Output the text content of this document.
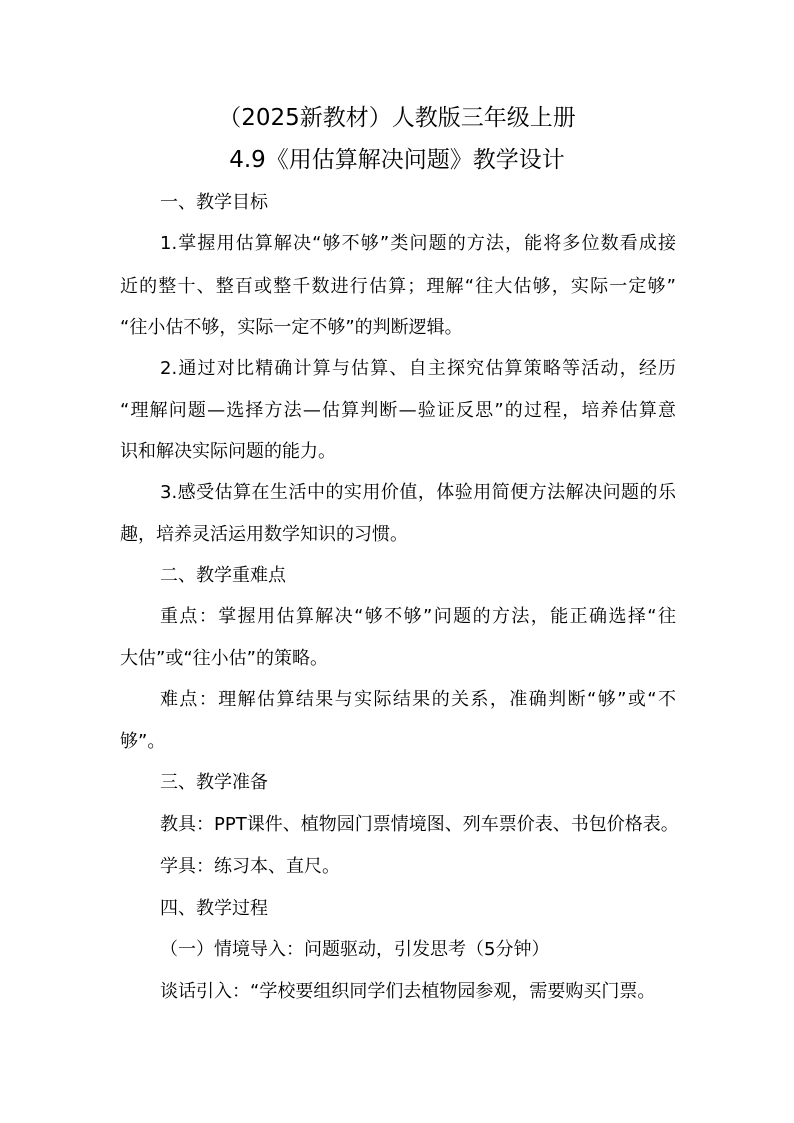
（2025新教材）人教版三年级上册
4.9《用估算解决问题》教学设计
一、教学目标
1.掌握用估算解决“够不够”类问题的方法，能将多位数看成接
近的整十、整百或整千数进行估算；理解“往大估够，实际一定够”
“往小估不够，实际一定不够”的判断逻辑。
2.通过对比精确计算与估算、自主探究估算策略等活动，经历
“理解问题—选择方法—估算判断—验证反思”的过程，培养估算意
识和解决实际问题的能力。
3.感受估算在生活中的实用价值，体验用简便方法解决问题的乐
趣，培养灵活运用数学知识的习惯。
二、教学重难点
重点：掌握用估算解决“够不够”问题的方法，能正确选择“往
大估”或“往小估”的策略。
难点：理解估算结果与实际结果的关系，准确判断“够”或“不
够”。
三、教学准备
教具：PPT课件、植物园门票情境图、列车票价表、书包价格表。
学具：练习本、直尺。
四、教学过程
（一）情境导入：问题驱动，引发思考（5分钟）
谈话引入：“学校要组织同学们去植物园参观，需要购买门票。
